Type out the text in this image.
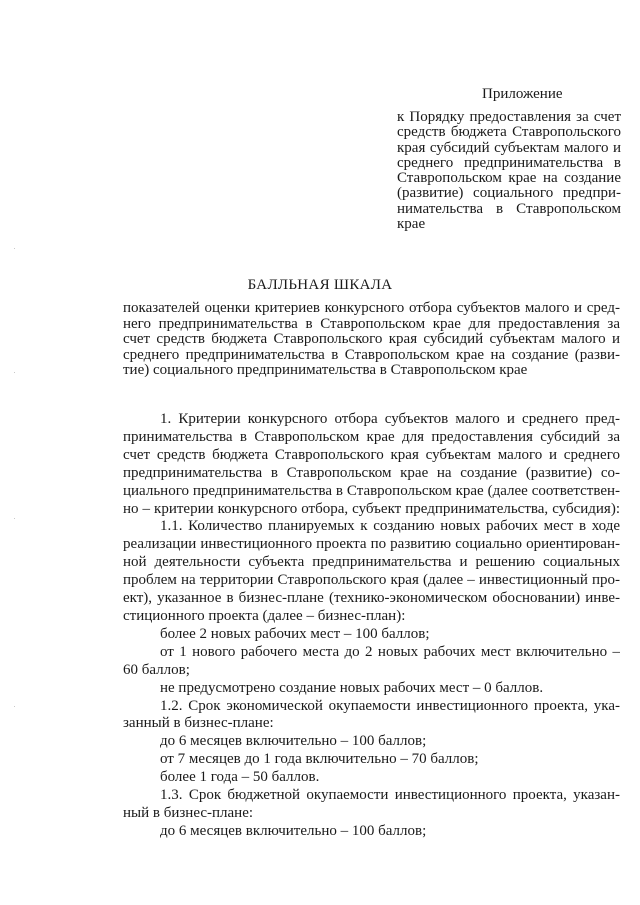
Приложение
к Порядку предоставления за счет
средств бюджета Ставропольского
края субсидий субъектам малого и
среднего предпринимательства в
Ставропольском крае на создание
(развитие) социального предпри-
нимательства в Ставропольском
крае
БАЛЛЬНАЯ ШКАЛА
показателей оценки критериев конкурсного отбора субъектов малого и сред-
него предпринимательства в Ставропольском крае для предоставления за
счет средств бюджета Ставропольского края субсидий субъектам малого и
среднего предпринимательства в Ставропольском крае на создание (разви-
тие) социального предпринимательства в Ставропольском крае
1. Критерии конкурсного отбора субъектов малого и среднего пред-
принимательства в Ставропольском крае для предоставления субсидий за
счет средств бюджета Ставропольского края субъектам малого и среднего
предпринимательства в Ставропольском крае на создание (развитие) со-
циального предпринимательства в Ставропольском крае (далее соответствен-
но – критерии конкурсного отбора, субъект предпринимательства, субсидия):
1.1. Количество планируемых к созданию новых рабочих мест в ходе
реализации инвестиционного проекта по развитию социально ориентирован-
ной деятельности субъекта предпринимательства и решению социальных
проблем на территории Ставропольского края (далее – инвестиционный про-
ект), указанное в бизнес-плане (технико-экономическом обосновании) инве-
стиционного проекта (далее – бизнес-план):
более 2 новых рабочих мест – 100 баллов;
от 1 нового рабочего места до 2 новых рабочих мест включительно –
60 баллов;
не предусмотрено создание новых рабочих мест – 0 баллов.
1.2. Срок экономической окупаемости инвестиционного проекта, ука-
занный в бизнес-плане:
до 6 месяцев включительно – 100 баллов;
от 7 месяцев до 1 года включительно – 70 баллов;
более 1 года – 50 баллов.
1.3. Срок бюджетной окупаемости инвестиционного проекта, указан-
ный в бизнес-плане:
до 6 месяцев включительно – 100 баллов;
